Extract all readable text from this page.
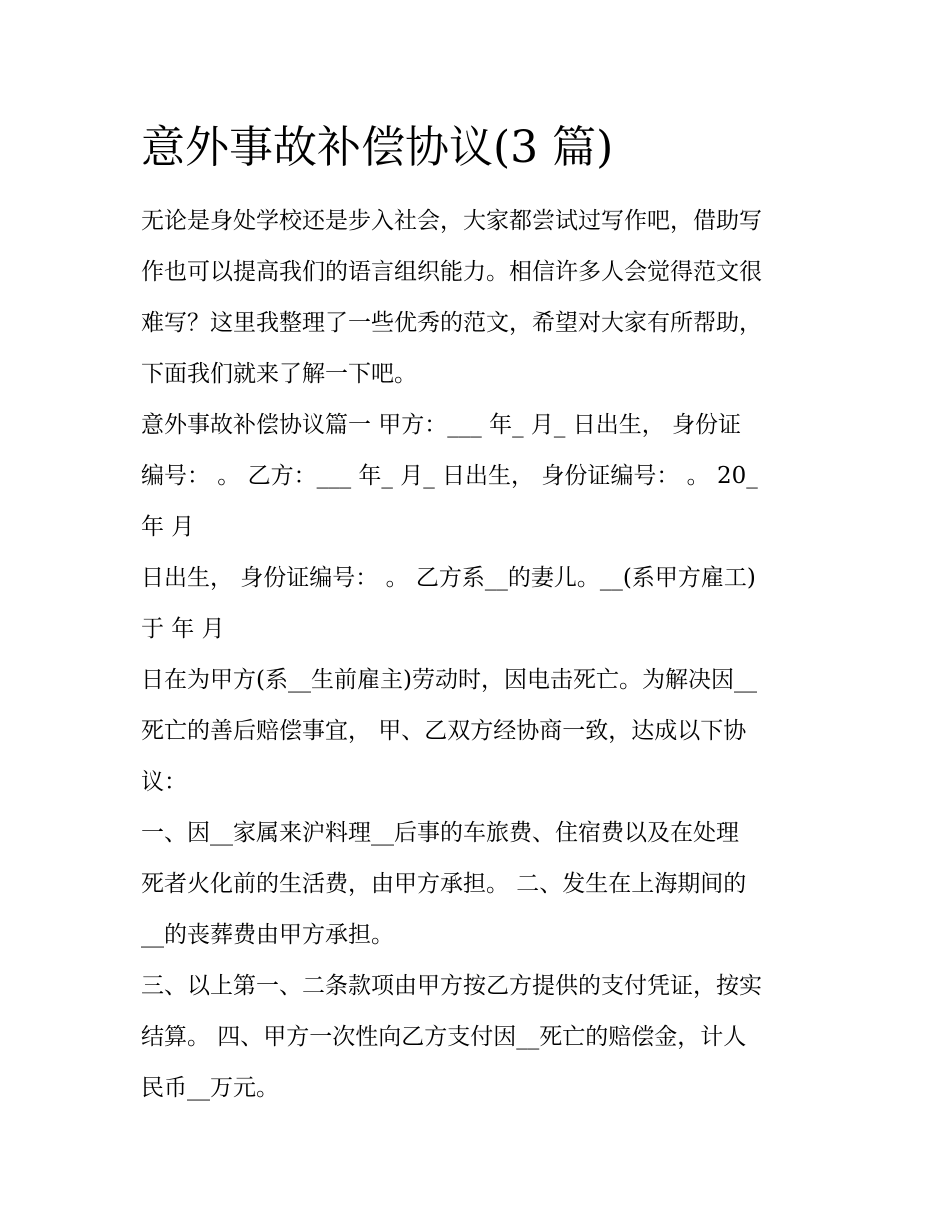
意外事故补偿协议(3 篇)
无论是身处学校还是步入社会，大家都尝试过写作吧，借助写
作也可以提高我们的语言组织能力。相信许多人会觉得范文很
难写？这里我整理了一些优秀的范文，希望对大家有所帮助，
下面我们就来了解一下吧。
意外事故补偿协议篇一 甲方：___ 年_ 月_ 日出生， 身份证
编号： 。 乙方：___ 年_ 月_ 日出生， 身份证编号： 。 20_
年 月
日出生， 身份证编号： 。 乙方系__的妻儿。__(系甲方雇工)
于 年 月
日在为甲方(系__生前雇主)劳动时，因电击死亡。为解决因__
死亡的善后赔偿事宜， 甲、乙双方经协商一致，达成以下协
议：
一、因__家属来沪料理__后事的车旅费、住宿费以及在处理
死者火化前的生活费，由甲方承担。 二、发生在上海期间的
__的丧葬费由甲方承担。
三、以上第一、二条款项由甲方按乙方提供的支付凭证，按实
结算。 四、甲方一次性向乙方支付因__死亡的赔偿金，计人
民币__万元。
